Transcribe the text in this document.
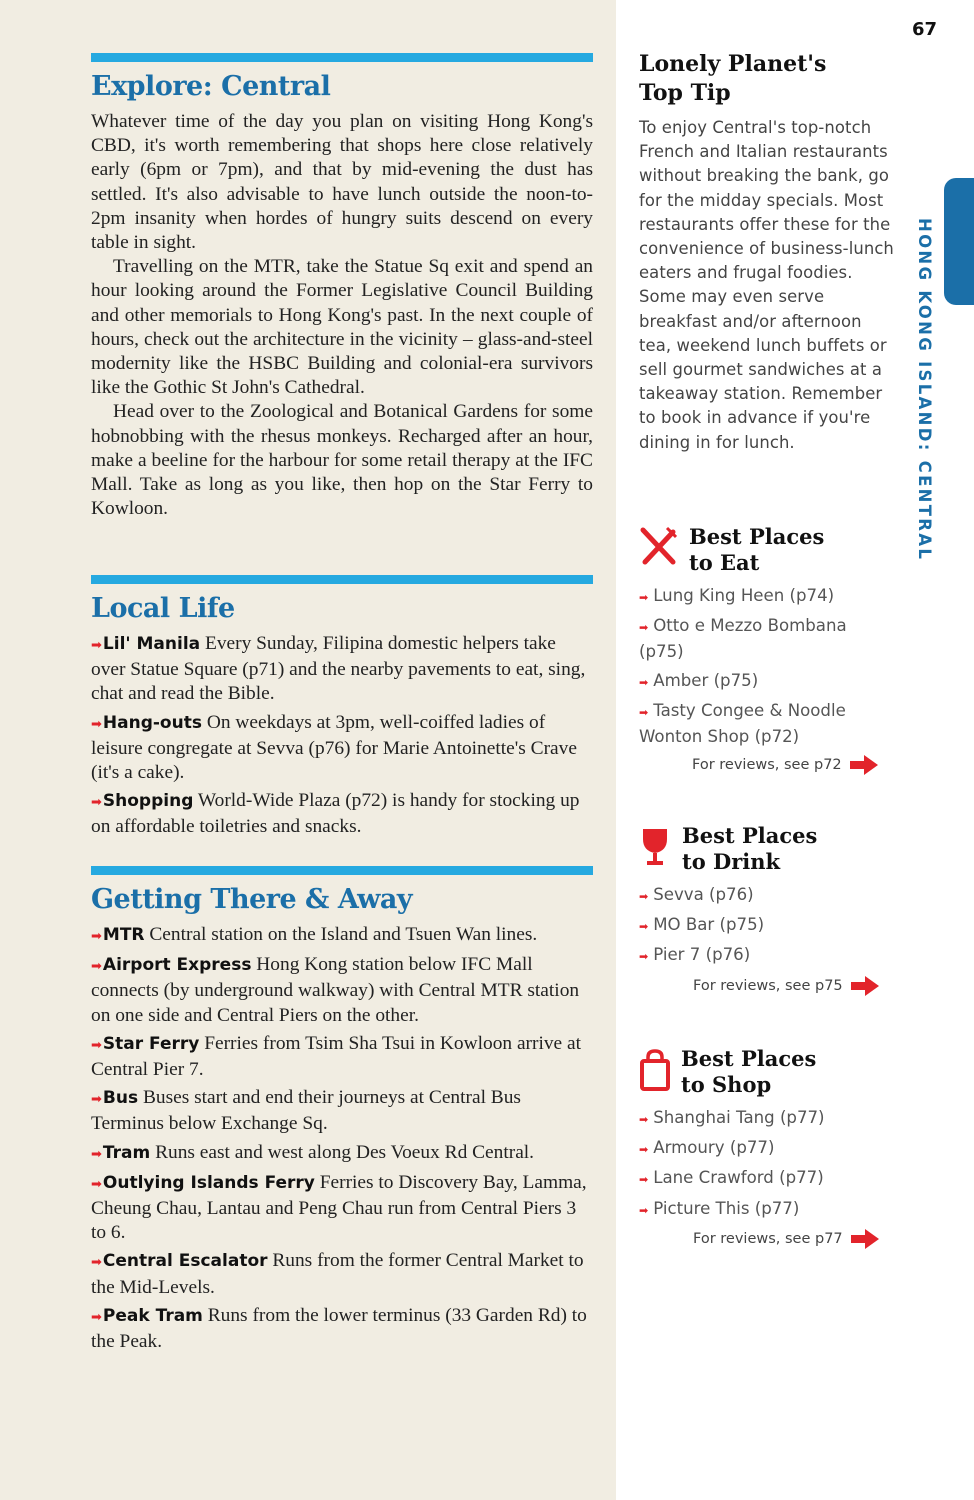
Explore: Central

Whatever time of the day you plan on visiting Hong Kong's CBD, it's worth remembering that shops here close relatively early (6pm or 7pm), and that by mid-evening the dust has settled. It's also advisable to have lunch outside the noon-to-2pm insanity when hordes of hungry suits descend on every table in sight.

Travelling on the MTR, take the Statue Sq exit and spend an hour looking around the Former Legislative Council Building and other memorials to Hong Kong's past. In the next couple of hours, check out the architecture in the vicinity – glass-and-steel modernity like the HSBC Building and colonial-era survivors like the Gothic St John's Cathedral.

Head over to the Zoological and Botanical Gardens for some hobnobbing with the rhesus monkeys. Recharged after an hour, make a beeline for the harbour for some retail therapy at the IFC Mall. Take as long as you like, then hop on the Star Ferry to Kowloon.

Local Life

➡Lil' Manila Every Sunday, Filipina domestic helpers take over Statue Square (p71) and the nearby pavements to eat, sing, chat and read the Bible.

➡Hang-outs On weekdays at 3pm, well-coiffed ladies of leisure congregate at Sevva (p76) for Marie Antoinette's Crave (it's a cake).

➡Shopping World-Wide Plaza (p72) is handy for stocking up on affordable toiletries and snacks.

Getting There & Away

➡MTR Central station on the Island and Tsuen Wan lines.

➡Airport Express Hong Kong station below IFC Mall connects (by underground walkway) with Central MTR station on one side and Central Piers on the other.

➡Star Ferry Ferries from Tsim Sha Tsui in Kowloon arrive at Central Pier 7.

➡Bus Buses start and end their journeys at Central Bus Terminus below Exchange Sq.

➡Tram Runs east and west along Des Voeux Rd Central.

➡Outlying Islands Ferry Ferries to Discovery Bay, Lamma, Cheung Chau, Lantau and Peng Chau run from Central Piers 3 to 6.

➡Central Escalator Runs from the former Central Market to the Mid-Levels.

➡Peak Tram Runs from the lower terminus (33 Garden Rd) to the Peak.

67
HONG KONG ISLAND: CENTRAL
Lonely Planet's
Top Tip

To enjoy Central's top-notch French and Italian restaurants without breaking the bank, go for the midday specials. Most restaurants offer these for the convenience of business-lunch eaters and frugal foodies. Some may even serve breakfast and/or afternoon tea, weekend lunch buffets or sell gourmet sandwiches at a takeaway station. Remember to book in advance if you're dining in for lunch.

Best Places
to Eat
➡ Lung King Heen (p74)
➡ Otto e Mezzo Bombana (p75)
➡ Amber (p75)
➡ Tasty Congee & Noodle Wonton Shop (p72)
For reviews, see p72
Best Places
to Drink
➡ Sevva (p76)
➡ MO Bar (p75)
➡ Pier 7 (p76)
For reviews, see p75
Best Places
to Shop
➡ Shanghai Tang (p77)
➡ Armoury (p77)
➡ Lane Crawford (p77)
➡ Picture This (p77)
For reviews, see p77
